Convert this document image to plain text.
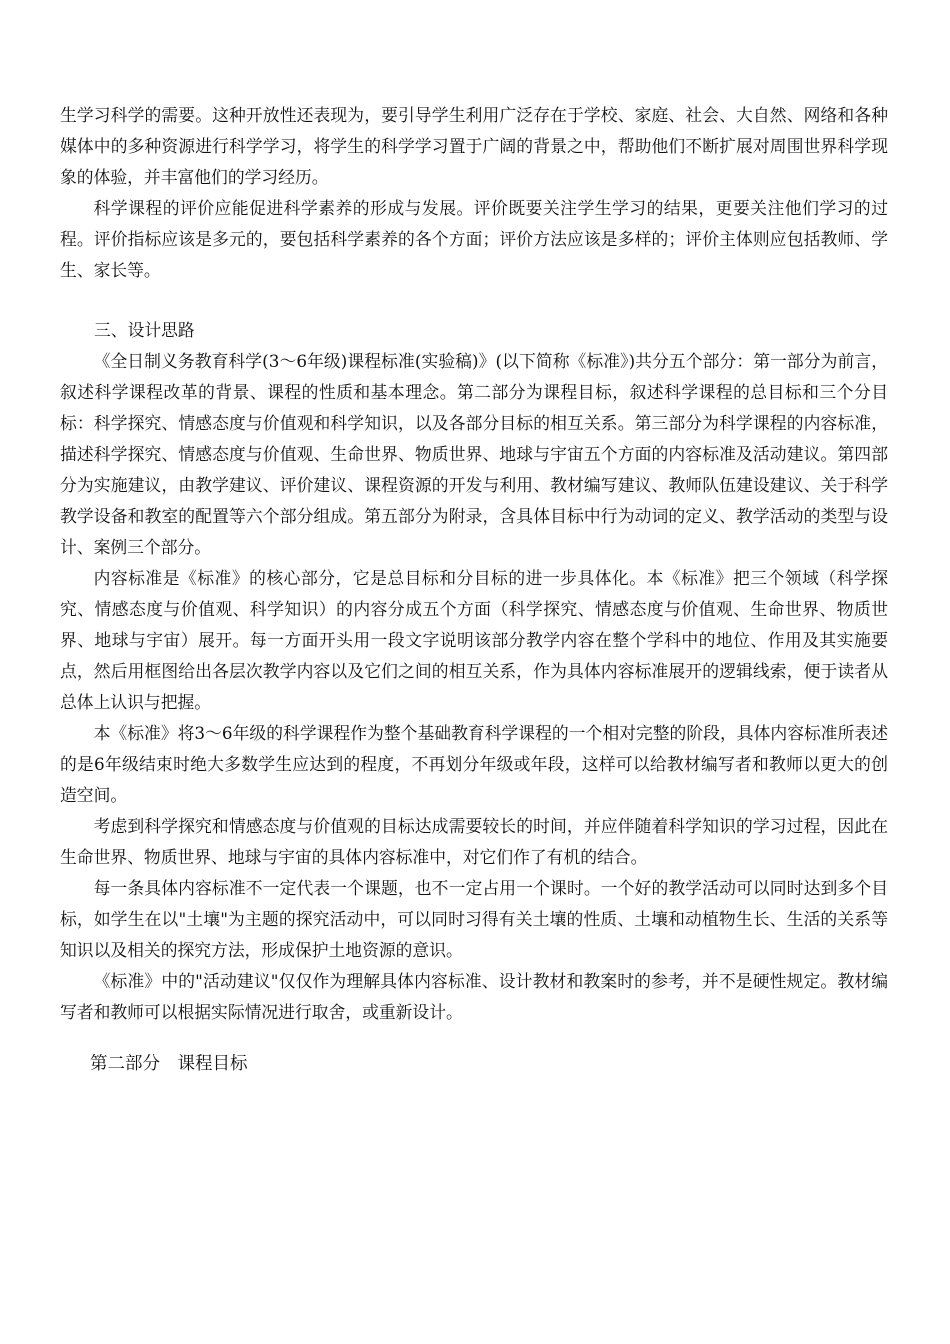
生学习科学的需要。这种开放性还表现为，要引导学生利用广泛存在于学校、家庭、社会、大自然、网络和各种媒体中的多种资源进行科学学习，将学生的科学学习置于广阔的背景之中，帮助他们不断扩展对周围世界科学现象的体验，并丰富他们的学习经历。

科学课程的评价应能促进科学素养的形成与发展。评价既要关注学生学习的结果，更要关注他们学习的过程。评价指标应该是多元的，要包括科学素养的各个方面；评价方法应该是多样的；评价主体则应包括教师、学生、家长等。

三、设计思路

《全日制义务教育科学(3～6年级)课程标准(实验稿)》(以下简称《标准》)共分五个部分：第一部分为前言，叙述科学课程改革的背景、课程的性质和基本理念。第二部分为课程目标，叙述科学课程的总目标和三个分目标：科学探究、情感态度与价值观和科学知识，以及各部分目标的相互关系。第三部分为科学课程的内容标准，描述科学探究、情感态度与价值观、生命世界、物质世界、地球与宇宙五个方面的内容标准及活动建议。第四部分为实施建议，由教学建议、评价建议、课程资源的开发与利用、教材编写建议、教师队伍建设建议、关于科学教学设备和教室的配置等六个部分组成。第五部分为附录，含具体目标中行为动词的定义、教学活动的类型与设计、案例三个部分。

内容标准是《标准》的核心部分，它是总目标和分目标的进一步具体化。本《标准》把三个领域（科学探究、情感态度与价值观、科学知识）的内容分成五个方面（科学探究、情感态度与价值观、生命世界、物质世界、地球与宇宙）展开。每一方面开头用一段文字说明该部分教学内容在整个学科中的地位、作用及其实施要点，然后用框图给出各层次教学内容以及它们之间的相互关系，作为具体内容标准展开的逻辑线索，便于读者从总体上认识与把握。

本《标准》将3～6年级的科学课程作为整个基础教育科学课程的一个相对完整的阶段，具体内容标准所表述的是6年级结束时绝大多数学生应达到的程度，不再划分年级或年段，这样可以给教材编写者和教师以更大的创造空间。

考虑到科学探究和情感态度与价值观的目标达成需要较长的时间，并应伴随着科学知识的学习过程，因此在生命世界、物质世界、地球与宇宙的具体内容标准中，对它们作了有机的结合。

每一条具体内容标准不一定代表一个课题，也不一定占用一个课时。一个好的教学活动可以同时达到多个目标，如学生在以"土壤"为主题的探究活动中，可以同时习得有关土壤的性质、土壤和动植物生长、生活的关系等知识以及相关的探究方法，形成保护土地资源的意识。

《标准》中的"活动建议"仅仅作为理解具体内容标准、设计教材和教案时的参考，并不是硬性规定。教材编写者和教师可以根据实际情况进行取舍，或重新设计。

第二部分　课程目标
